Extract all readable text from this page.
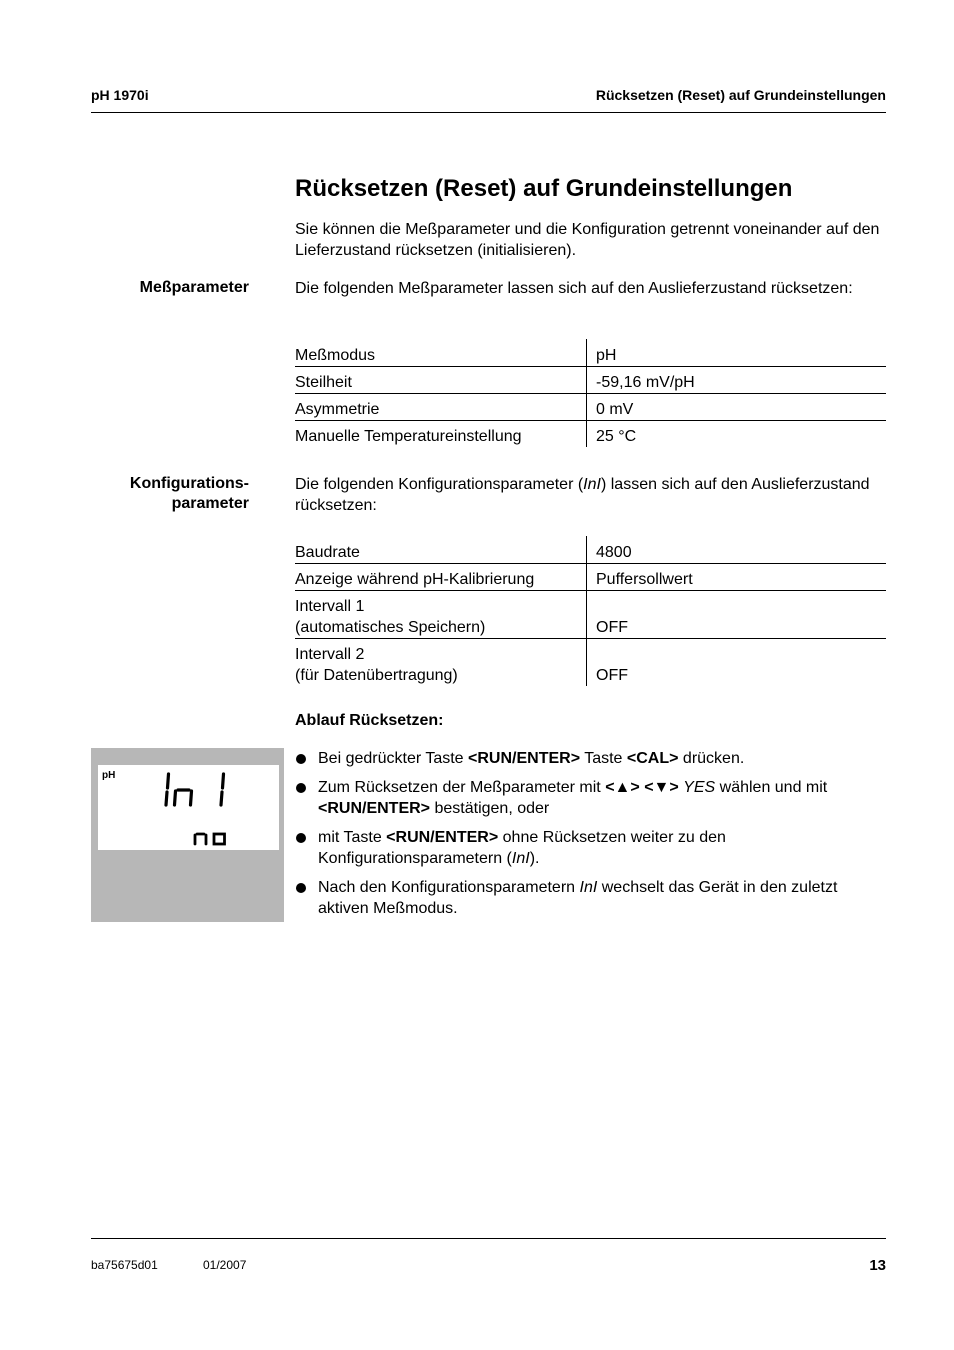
pH 1970i	Rücksetzen (Reset) auf Grundeinstellungen
Rücksetzen (Reset) auf Grundeinstellungen
Sie können die Meßparameter und die Konfiguration getrennt voneinander auf den Lieferzustand rücksetzen (initialisieren).
Meßparameter	Die folgenden Meßparameter lassen sich auf den Auslieferzustand rücksetzen:
Meßmodus	pH
Steilheit	-59,16 mV/pH
Asymmetrie	0 mV
Manuelle Temperatureinstellung	25 °C
Konfigurations-
parameter
Die folgenden Konfigurationsparameter (InI) lassen sich auf den Auslieferzustand rücksetzen:
Baudrate	4800
Anzeige während pH-Kalibrierung	Puffersollwert

Intervall 1
(automatisches Speichern)	OFF

Intervall 2
(für Datenübertragung)	OFF
Ablauf Rücksetzen:
Bei gedrückter Taste <RUN/ENTER> Taste <CAL> drücken.
Zum Rücksetzen der Meßparameter mit <▲> <▼> YES wählen und mit <RUN/ENTER> bestätigen, oder
mit Taste <RUN/ENTER> ohne Rücksetzen weiter zu den Konfigurationsparametern (InI).
Nach den Konfigurationsparametern InI wechselt das Gerät in den zuletzt aktiven Meßmodus.
pH
ba75675d01	01/2007	13
